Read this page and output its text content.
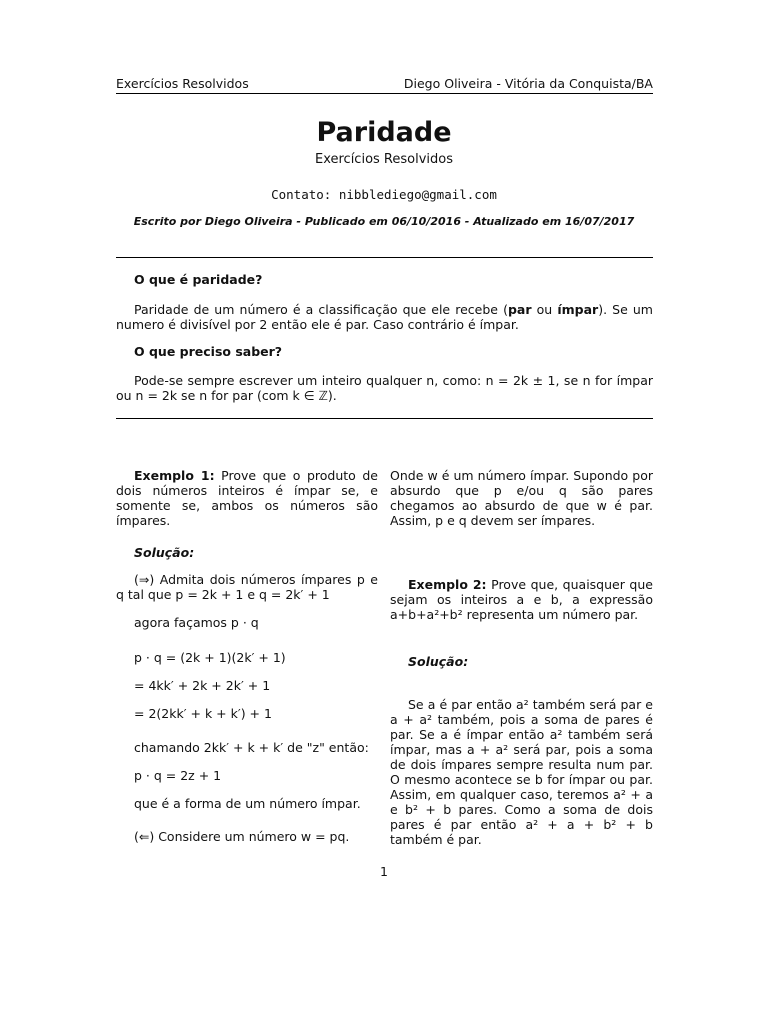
Exercícios Resolvidos	Diego Oliveira - Vitória da Conquista/BA
Paridade
Exercícios Resolvidos
Contato: nibblediego@gmail.com
Escrito por Diego Oliveira - Publicado em 06/10/2016 - Atualizado em 16/07/2017
O que é paridade?
Paridade de um número é a classificação que ele recebe (par ou ímpar). Se um numero é divisível por 2 então ele é par. Caso contrário é ímpar.
O que preciso saber?
Pode-se sempre escrever um inteiro qualquer n, como: n = 2k ± 1, se n for ímpar ou n = 2k se n for par (com k ∈ ℤ).
Exemplo 1: Prove que o produto de dois números inteiros é ímpar se, e somente se, ambos os números são ímpares.
Solução:
(⇒) Admita dois números ímpares p e q tal que p = 2k + 1 e q = 2k′ + 1
agora façamos p · q
p · q = (2k + 1)(2k′ + 1)
= 4kk′ + 2k + 2k′ + 1
= 2(2kk′ + k + k′) + 1
chamando 2kk′ + k + k′ de "z" então:
p · q = 2z + 1
que é a forma de um número ímpar.
(⇐) Considere um número w = pq.
Onde w é um número ímpar. Supondo por absurdo que p e/ou q são pares chegamos ao absurdo de que w é par. Assim, p e q devem ser ímpares.
Exemplo 2: Prove que, quaisquer que sejam os inteiros a e b, a expressão a+b+a²+b² representa um número par.
Solução:
Se a é par então a² também será par e a + a² também, pois a soma de pares é par. Se a é ímpar então a² também será ímpar, mas a + a² será par, pois a soma de dois ímpares sempre resulta num par. O mesmo acontece se b for ímpar ou par. Assim, em qualquer caso, teremos a² + a e b² + b pares. Como a soma de dois pares é par então a² + a + b² + b também é par.
1
